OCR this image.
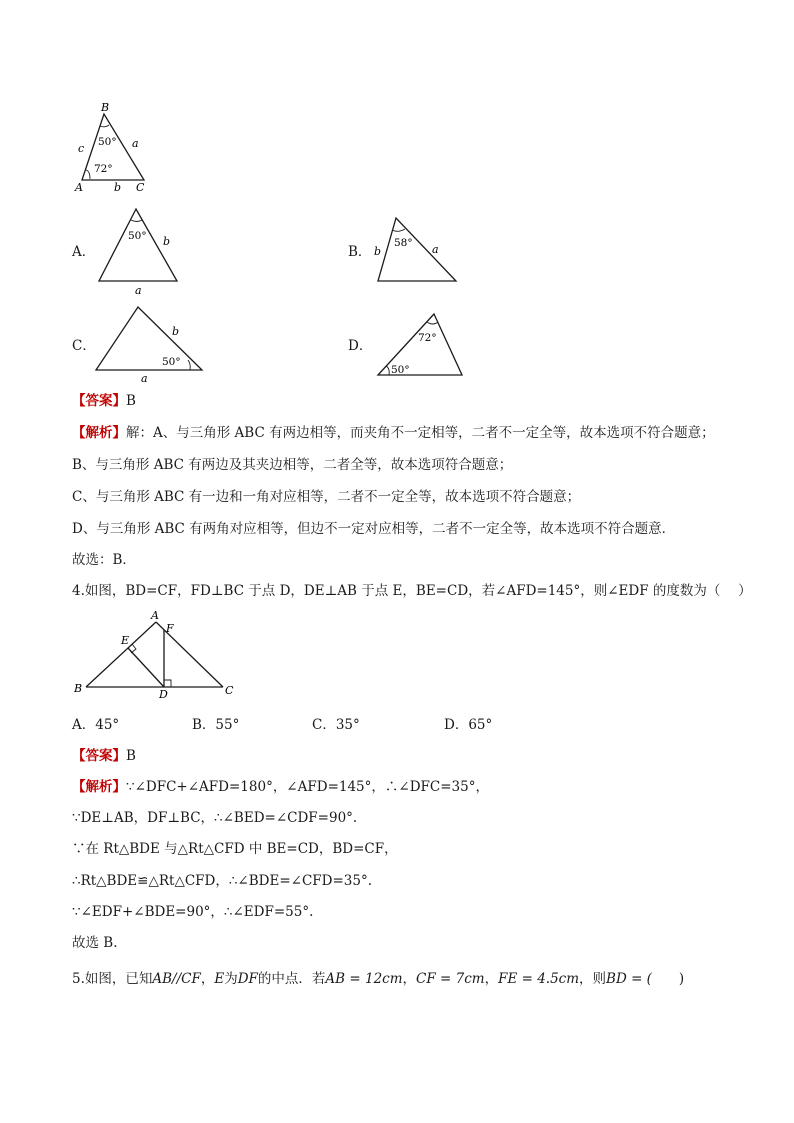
B
50°
c	a
72°
A	b C
A．
50° b
a
B．
58°
b	a
C．
50°
b
a
D．	72°
50°
【答案】B
【解析】解：A、与三角形 ABC 有两边相等，而夹角不一定相等，二者不一定全等，故本选项不符合题意；
B、与三角形 ABC 有两边及其夹边相等，二者全等，故本选项符合题意；
C、与三角形 ABC 有一边和一角对应相等，二者不一定全等，故本选项不符合题意；
D、与三角形 ABC 有两角对应相等，但边不一定对应相等，二者不一定全等，故本选项不符合题意．
故选：B．
4.如图，BD=CF，FD⊥BC 于点 D，DE⊥AB 于点 E，BE=CD，若∠AFD=145°，则∠EDF 的度数为（　 ）
A
E
F
B	D	C
A．45°	B．55°	C．35°	D．65°
【答案】B
【解析】∵∠DFC+∠AFD=180°，∠AFD=145°，∴∠DFC=35°，
∵DE⊥AB，DF⊥BC，∴∠BED=∠CDF=90°.
∵在 Rt△BDE 与△Rt△CFD 中 BE=CD，BD=CF，
∴Rt△BDE≌△Rt△CFD，∴∠BDE=∠CFD=35°.
∵∠EDF+∠BDE=90°，∴∠EDF=55°.
故选 B.
5.如图，已知AB//CF，E为DF的中点．若AB = 12cm，CF = 7cm，FE = 4.5cm，则BD = (　　)
